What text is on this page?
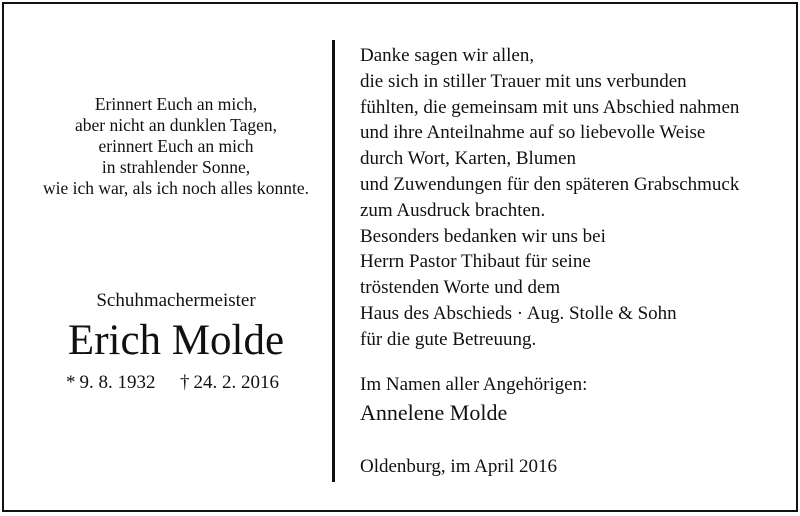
Erinnert Euch an mich,
aber nicht an dunklen Tagen,
erinnert Euch an mich
in strahlender Sonne,
wie ich war, als ich noch alles konnte.
Schuhmachermeister
Erich Molde
* 9. 8. 1932 † 24. 2. 2016
Danke sagen wir allen,
die sich in stiller Trauer mit uns verbunden
fühlten, die gemeinsam mit uns Abschied nahmen
und ihre Anteilnahme auf so liebevolle Weise
durch Wort, Karten, Blumen
und Zuwendungen für den späteren Grabschmuck
zum Ausdruck brachten.
Besonders bedanken wir uns bei
Herrn Pastor Thibaut für seine
tröstenden Worte und dem
Haus des Abschieds · Aug. Stolle & Sohn
für die gute Betreuung.
Im Namen aller Angehörigen:
Annelene Molde
Oldenburg, im April 2016
